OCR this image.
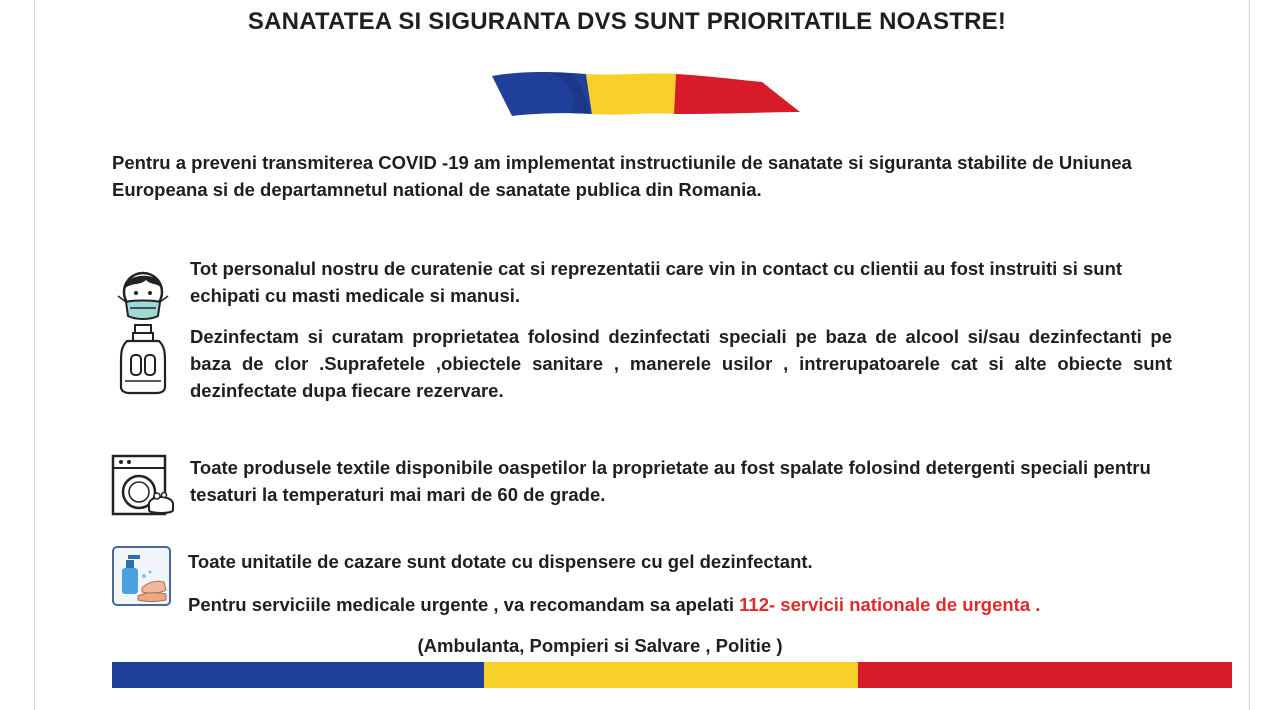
SANATATEA SI SIGURANTA DVS SUNT PRIORITATILE NOASTRE!
Pentru a preveni transmiterea COVID -19 am implementat instructiunile de sanatate si siguranta stabilite de Uniunea Europeana si de departamnetul national de sanatate publica din Romania.
Tot personalul nostru de curatenie cat si reprezentatii care vin in contact cu clientii au fost instruiti si sunt echipati cu masti medicale si manusi.
Dezinfectam si curatam proprietatea folosind dezinfectati speciali pe baza de alcool si/sau dezinfectanti pe baza de clor .Suprafetele ,obiectele sanitare , manerele usilor , intrerupatoarele cat si alte obiecte sunt dezinfectate dupa fiecare rezervare.
Toate produsele textile disponibile oaspetilor la proprietate au fost spalate folosind detergenti speciali pentru tesaturi la temperaturi mai mari de 60 de grade.
Toate unitatile de cazare sunt dotate cu dispensere cu gel dezinfectant.
Pentru serviciile medicale urgente , va recomandam sa apelati 112- servicii nationale de urgenta .
(Ambulanta, Pompieri si Salvare , Politie )
